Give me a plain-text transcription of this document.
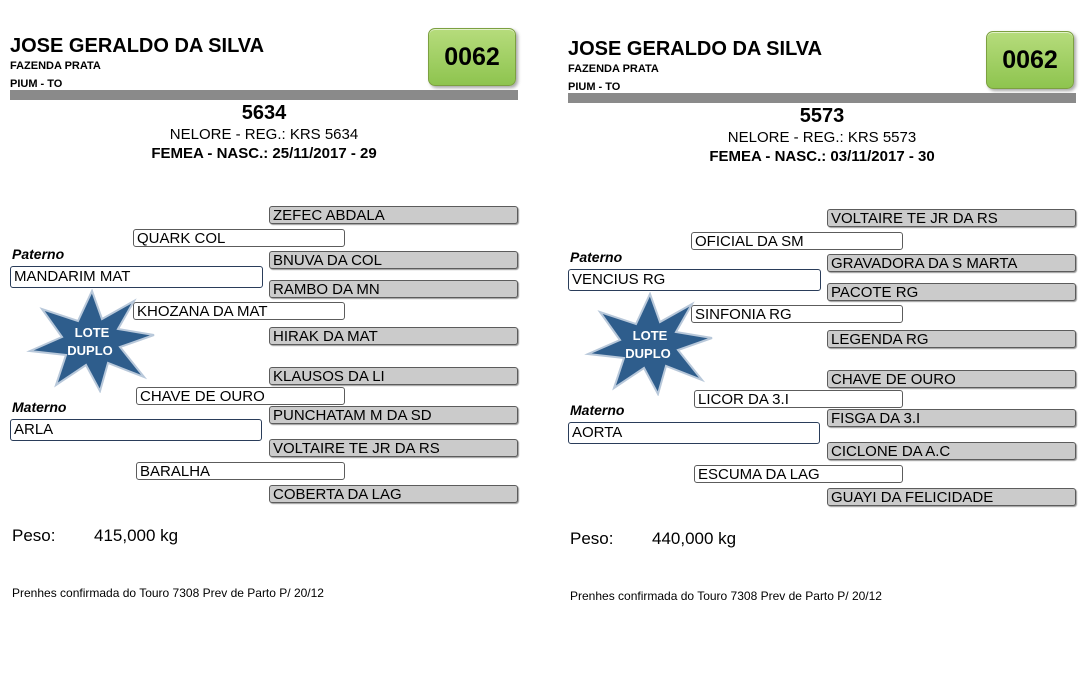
JOSE GERALDO DA SILVA
FAZENDA PRATA
PIUM - TO
0062
5634
NELORE - REG.: KRS 5634
FEMEA - NASC.: 25/11/2017 - 29
ZEFEC ABDALA
QUARK COL
Paterno	BNUVA DA COL
MANDARIM MAT
RAMBO DA MN
KHOZANA DA MAT
HIRAK DA MAT
LOTE
DUPLO
KLAUSOS DA LI
CHAVE DE OURO
Materno	PUNCHATAM M DA SD
ARLA
VOLTAIRE TE JR DA RS
BARALHA
COBERTA DA LAG
Peso: 415,000 kg
Prenhes confirmada do Touro 7308 Prev de Parto P/ 20/12
JOSE GERALDO DA SILVA
FAZENDA PRATA
PIUM - TO
0062
5573
NELORE - REG.: KRS 5573
FEMEA - NASC.: 03/11/2017 - 30
VOLTAIRE TE JR DA RS
OFICIAL DA SM
Paterno	GRAVADORA DA S MARTA
VENCIUS RG
PACOTE RG
SINFONIA RG
LEGENDA RG
LOTE
DUPLO
CHAVE DE OURO
LICOR DA 3.I
Materno	FISGA DA 3.I
AORTA
CICLONE DA A.C
ESCUMA DA LAG
GUAYI DA FELICIDADE
Peso: 440,000 kg
Prenhes confirmada do Touro 7308 Prev de Parto P/ 20/12
